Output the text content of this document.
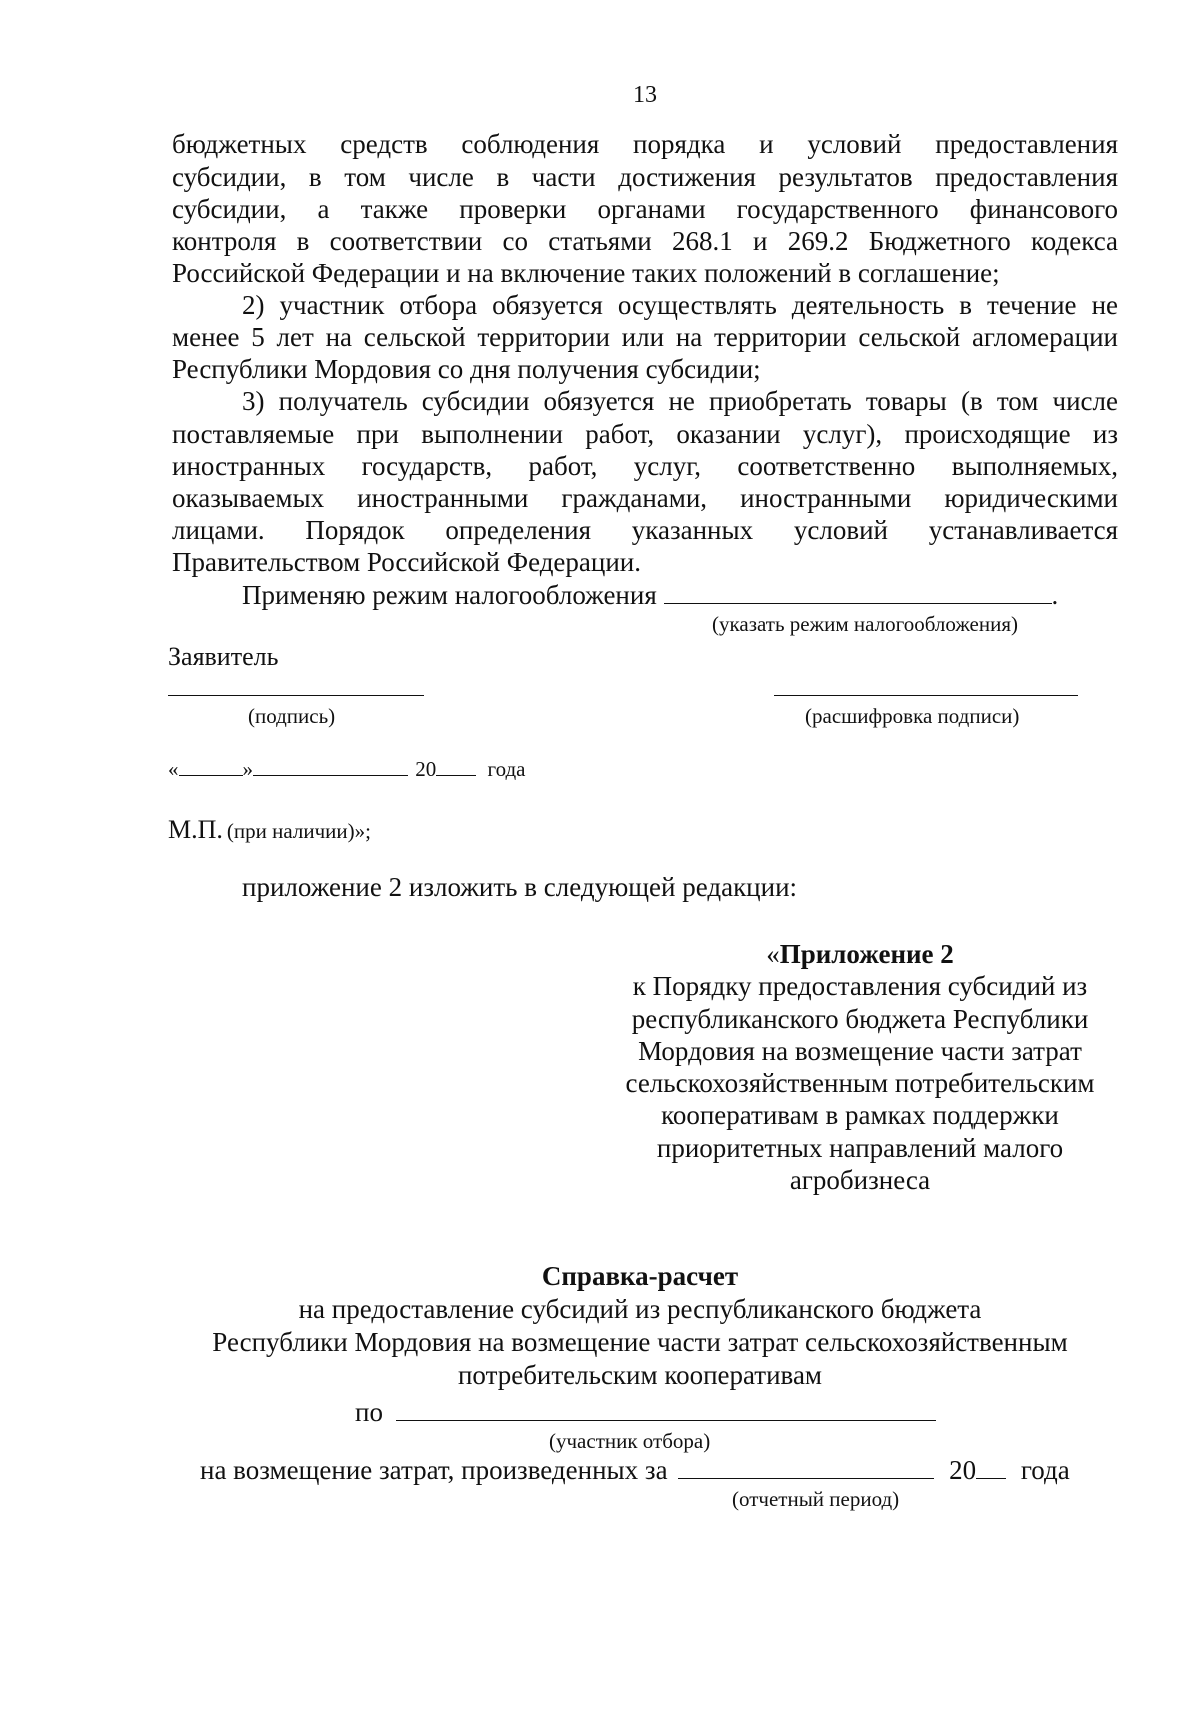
13
бюджетных средств соблюдения порядка и условий предоставления
субсидии, в том числе в части достижения результатов предоставления
субсидии, а также проверки органами государственного финансового
контроля в соответствии со статьями 268.1 и 269.2 Бюджетного кодекса
Российской Федерации и на включение таких положений в соглашение;
2) участник отбора обязуется осуществлять деятельность в течение не
менее 5 лет на сельской территории или на территории сельской агломерации
Республики Мордовия со дня получения субсидии;
3) получатель субсидии обязуется не приобретать товары (в том числе
поставляемые при выполнении работ, оказании услуг), происходящие из
иностранных государств, работ, услуг, соответственно выполняемых,
оказываемых иностранными гражданами, иностранными юридическими
лицами. Порядок определения указанных условий устанавливается
Правительством Российской Федерации.
Применяю режим налогообложения	.
(указать режим налогообложения)
Заявитель
(подпись)	(расшифровка подписи)
«	»	20 года
М.П. (при наличии)»;
приложение 2 изложить в следующей редакции:
«Приложение 2
к Порядку предоставления субсидий из
республиканского бюджета Республики
Мордовия на возмещение части затрат
сельскохозяйственным потребительским
кооперативам в рамках поддержки
приоритетных направлений малого
агробизнеса
Справка-расчет
на предоставление субсидий из республиканского бюджета
Республики Мордовия на возмещение части затрат сельскохозяйственным
потребительским кооперативам
по
(участник отбора)
на возмещение затрат, произведенных за	20 года
(отчетный период)
